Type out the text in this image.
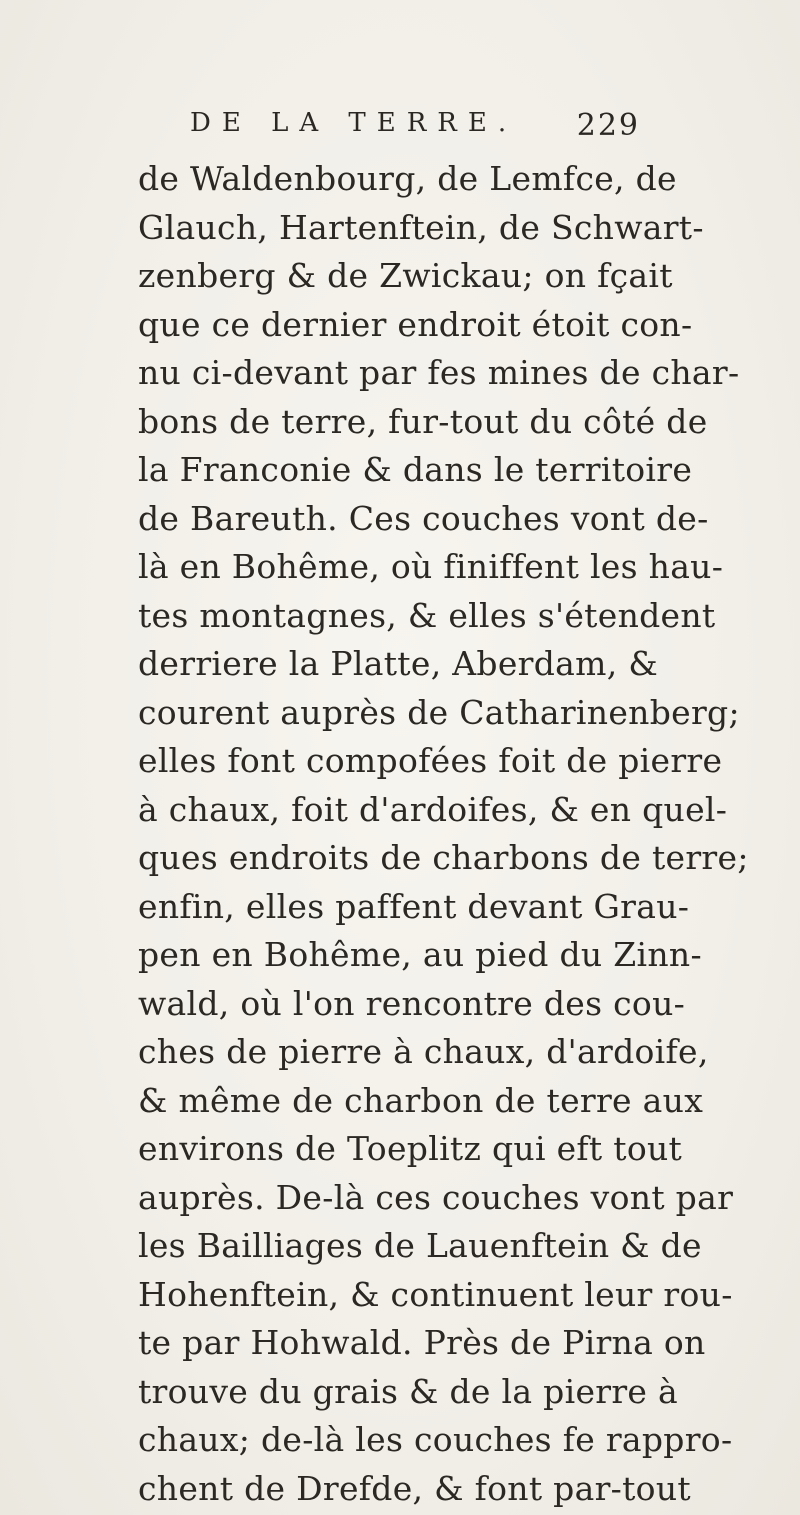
DE LA TERRE. 229
de Waldenbourg, de Lemfce, de
Glauch, Hartenftein, de Schwart-
zenberg & de Zwickau; on fçait
que ce dernier endroit étoit con-
nu ci-devant par fes mines de char-
bons de terre, fur-tout du côté de
la Franconie & dans le territoire
de Bareuth. Ces couches vont de-
là en Bohême, où finiffent les hau-
tes montagnes, & elles s'étendent
derriere la Platte, Aberdam, &
courent auprès de Catharinenberg;
elles font compofées foit de pierre
à chaux, foit d'ardoifes, & en quel-
ques endroits de charbons de terre;
enfin, elles paffent devant Grau-
pen en Bohême, au pied du Zinn-
wald, où l'on rencontre des cou-
ches de pierre à chaux, d'ardoife,
& même de charbon de terre aux
environs de Toeplitz qui eft tout
auprès. De-là ces couches vont par
les Bailliages de Lauenftein & de
Hohenftein, & continuent leur rou-
te par Hohwald. Près de Pirna on
trouve du grais & de la pierre à
chaux; de-là les couches fe rappro-
chent de Drefde, & font par-tout
